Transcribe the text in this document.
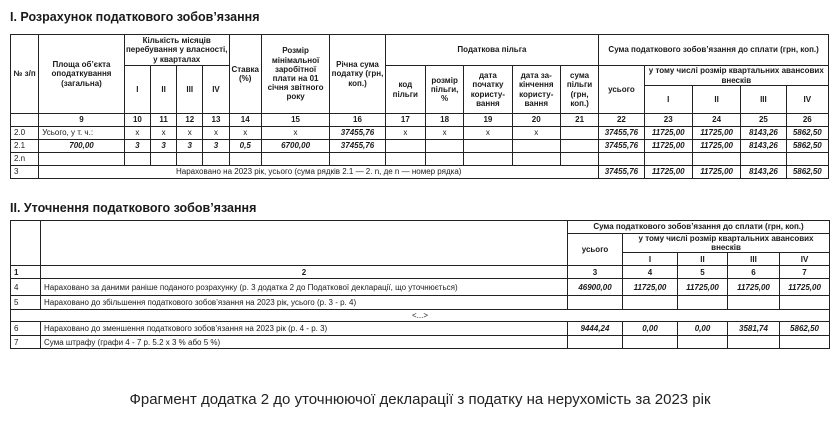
I. Розрахунок податкового зобов’язання
№ з/п	Площа об’єкта оподаткування (загальна)	Кількість місяців перебування у власності, у кварталах				Ставка (%)	Розмір мінімальної заробітної плати на 01 січня звітного року	Річна сума податку (грн, коп.)	Податкова пільга					Сума податкового зобов’язання до сплати (грн, коп.)				
		I	II	III	IV				код пільги	розмір пільги, %	дата початку користу-вання	дата за-кінчення користу-вання	сума пільги (грн, коп.)	усього	у тому числі розмір квартальних авансових внесків			
															I	II	III	IV
	9	10	11	12	13	14	15	16	17	18	19	20	21	22	23	24	25	26
2.0	Усього, у т. ч.:	x	x	x	x	x	x	37455,76	x	x	x	x		37455,76	11725,00	11725,00	8143,26	5862,50
2.1	700,00	3	3	3	3	0,5	6700,00	37455,76						37455,76	11725,00	11725,00	8143,26	5862,50
2.n																		
3	Нараховано на 2023 рік, усього (сума рядків 2.1 — 2. n, де n — номер рядка)													37455,76	11725,00	11725,00	8143,26	5862,50
II. Уточнення податкового зобов’язання
		Сума податкового зобов’язання до сплати (грн, коп.)				
		усього	у тому числі розмір квартальних авансових внесків			
			I	II	III	IV
1	2	3	4	5	6	7
4	Нараховано за даними раніше поданого розрахунку (р. 3 додатка 2 до Податкової декларації, що уточнюється)	46900,00	11725,00	11725,00	11725,00	11725,00
5	Нараховано до збільшення податкового зобов’язання на 2023 рік, усього (р. 3 - р. 4)					
<...>						
6	Нараховано до зменшення податкового зобов’язання на 2023 рік (р. 4 - р. 3)	9444,24	0,00	0,00	3581,74	5862,50
7	Сума штрафу (графи 4 - 7 р. 5.2 х 3 % або 5 %)					
Фрагмент додатка 2 до уточнюючої декларації з податку на нерухомість за 2023 рік
